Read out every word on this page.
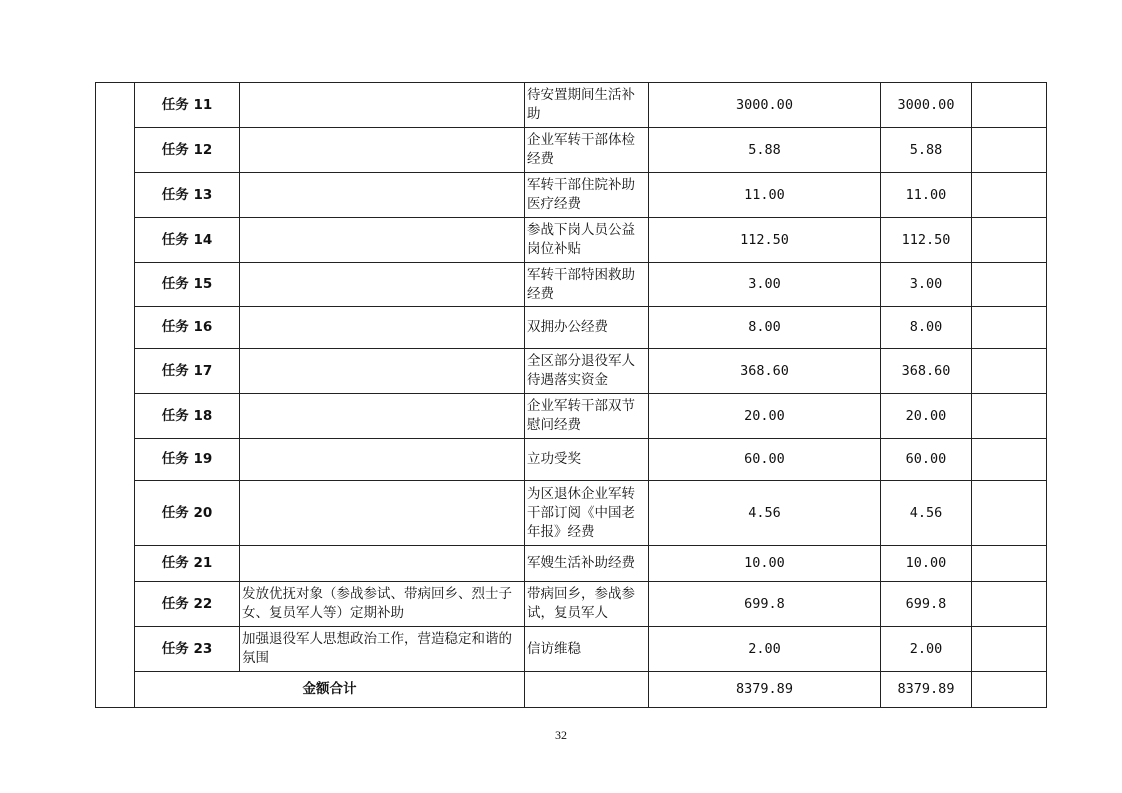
	任务 11		待安置期间生活补助	3000.00	3000.00	
	任务 12		企业军转干部体检经费	5.88	5.88	
	任务 13		军转干部住院补助医疗经费	11.00	11.00	
	任务 14		参战下岗人员公益岗位补贴	112.50	112.50	
	任务 15		军转干部特困救助经费	3.00	3.00	
	任务 16		双拥办公经费	8.00	8.00	
	任务 17		全区部分退役军人待遇落实资金	368.60	368.60	
	任务 18		企业军转干部双节慰问经费	20.00	20.00	
	任务 19		立功受奖	60.00	60.00	
	任务 20		为区退休企业军转干部订阅《中国老年报》经费	4.56	4.56	
	任务 21		军嫂生活补助经费	10.00	10.00	
	任务 22	发放优抚对象（参战参试、带病回乡、烈士子女、复员军人等）定期补助	带病回乡，参战参试，复员军人	699.8	699.8	
	任务 23	加强退役军人思想政治工作，营造稳定和谐的氛围	信访维稳	2.00	2.00	
	金额合计			8379.89	8379.89	
32
